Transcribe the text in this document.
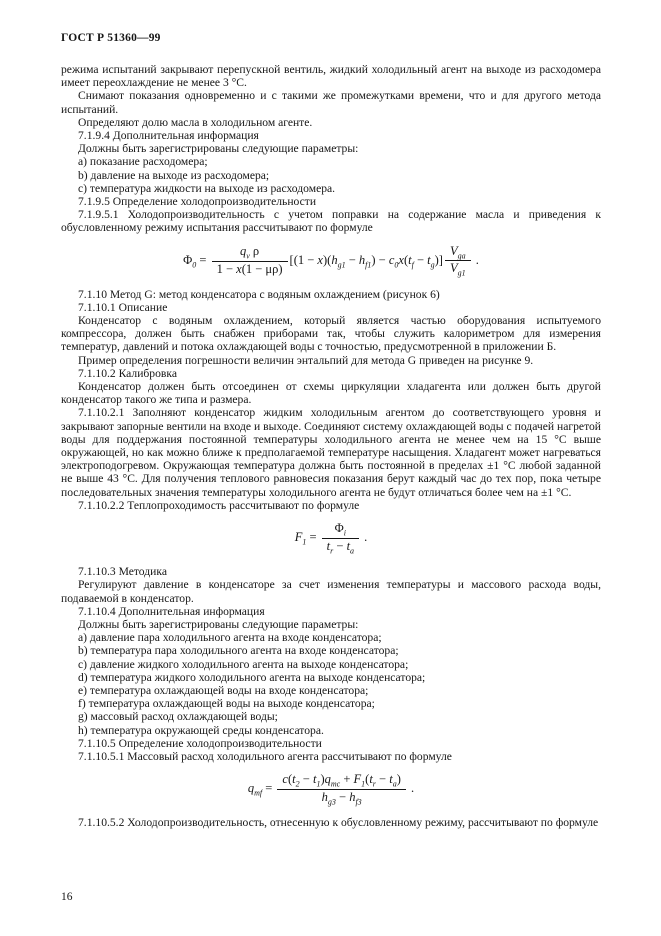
ГОСТ Р 51360—99

режима испытаний закрывают перепускной вентиль, жидкий холодильный агент на выходе из расходомера имеет переохлаждение не менее 3 °С.

Снимают показания одновременно и с такими же промежутками времени, что и для другого метода испытаний.

Определяют долю масла в холодильном агенте.

7.1.9.4 Дополнительная информация

Должны быть зарегистрированы следующие параметры:

a) показание расходомера;

b) давление на выходе из расходомера;

c) температура жидкости на выходе из расходомера.

7.1.9.5 Определение холодопроизводительности

7.1.9.5.1 Холодопроизводительность с учетом поправки на содержание масла и приведения к обусловленному режиму испытания рассчитывают по формуле

$\Phi_0 = \frac{q_v \rho}{1 - x(1 - \mu\rho)} [(1 - x)(h_{g1} - h_{f1}) - c_0x(t_f - t_g)] \frac{V_{ga}}{V_{g1}}$ .

7.1.10 Метод G: метод конденсатора с водяным охлаждением (рисунок 6)

7.1.10.1 Описание

Конденсатор с водяным охлаждением, который является частью оборудования испытуемого компрессора, должен быть снабжен приборами так, чтобы служить калориметром для измерения температур, давлений и потока охлаждающей воды с точностью, предусмотренной в приложении Б.

Пример определения погрешности величин энтальпий для метода G приведен на рисунке 9.

7.1.10.2 Калибровка

Конденсатор должен быть отсоединен от схемы циркуляции хладагента или должен быть другой конденсатор такого же типа и размера.

7.1.10.2.1 Заполняют конденсатор жидким холодильным агентом до соответствующего уровня и закрывают запорные вентили на входе и выходе. Соединяют систему охлаждающей воды с подачей нагретой воды для поддержания постоянной температуры холодильного агента не менее чем на 15 °С выше окружающей, но как можно ближе к предполагаемой температуре насыщения. Хладагент может нагреваться электроподогревом. Окружающая температура должна быть постоянной в пределах ±1 °С любой заданной не выше 43 °С. Для получения теплового равновесия показания берут каждый час до тех пор, пока четыре последовательных значения температуры холодильного агента не будут отличаться более чем на ±1 °С.

7.1.10.2.2 Теплопроходимость рассчитывают по формуле

$F_1 = \frac{\Phi_i}{t_r - t_a}$ .

7.1.10.3 Методика

Регулируют давление в конденсаторе за счет изменения температуры и массового расхода воды, подаваемой в конденсатор.

7.1.10.4 Дополнительная информация

Должны быть зарегистрированы следующие параметры:

a) давление пара холодильного агента на входе конденсатора;

b) температура пара холодильного агента на входе конденсатора;

c) давление жидкого холодильного агента на выходе конденсатора;

d) температура жидкого холодильного агента на выходе конденсатора;

e) температура охлаждающей воды на входе конденсатора;

f) температура охлаждающей воды на выходе конденсатора;

g) массовый расход охлаждающей воды;

h) температура окружающей среды конденсатора.

7.1.10.5 Определение холодопроизводительности

7.1.10.5.1 Массовый расход холодильного агента рассчитывают по формуле

$q_{mf} = \frac{c(t_2 - t_1)q_{mc} + F_1(t_r - t_a)}{h_{g3} - h_{f3}}$ .

7.1.10.5.2 Холодопроизводительность, отнесенную к обусловленному режиму, рассчитывают по формуле

16
